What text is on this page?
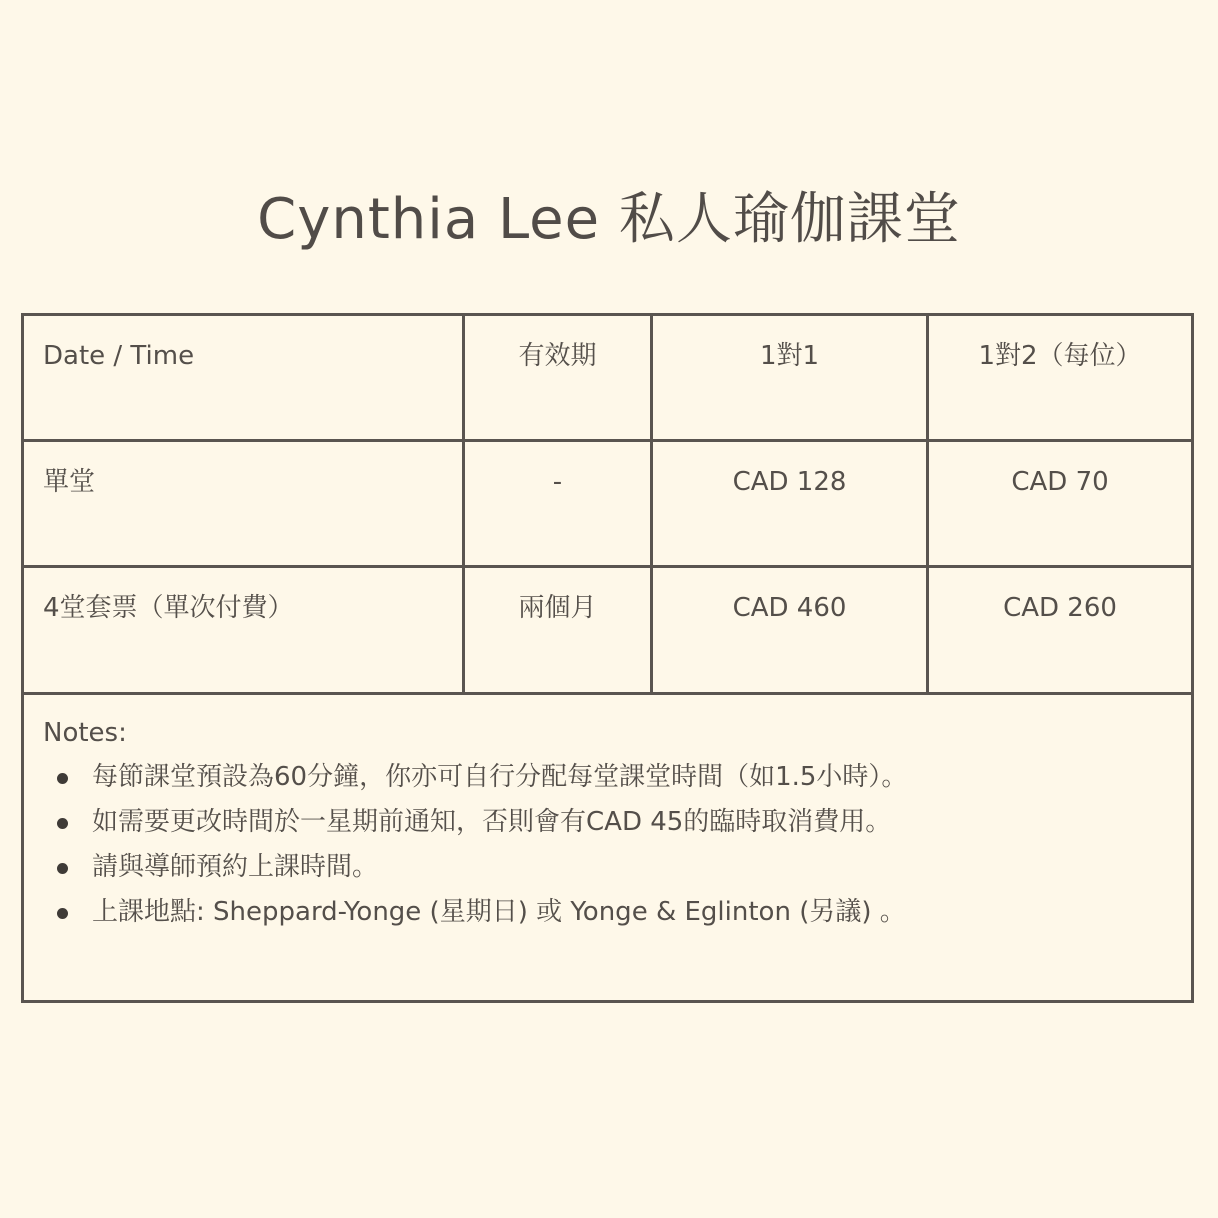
Cynthia Lee 私人瑜伽課堂
Date / Time	有效期	1對1	1對2（每位）
單堂	-	CAD 128	CAD 70
4堂套票（單次付費）	兩個月	CAD 460	CAD 260
Notes:
每節課堂預設為60分鐘，你亦可自行分配每堂課堂時間（如1.5小時）。
如需要更改時間於一星期前通知，否則會有CAD 45的臨時取消費用。
請與導師預約上課時間。
上課地點: Sheppard-Yonge (星期日) 或 Yonge & Eglinton (另議) 。
